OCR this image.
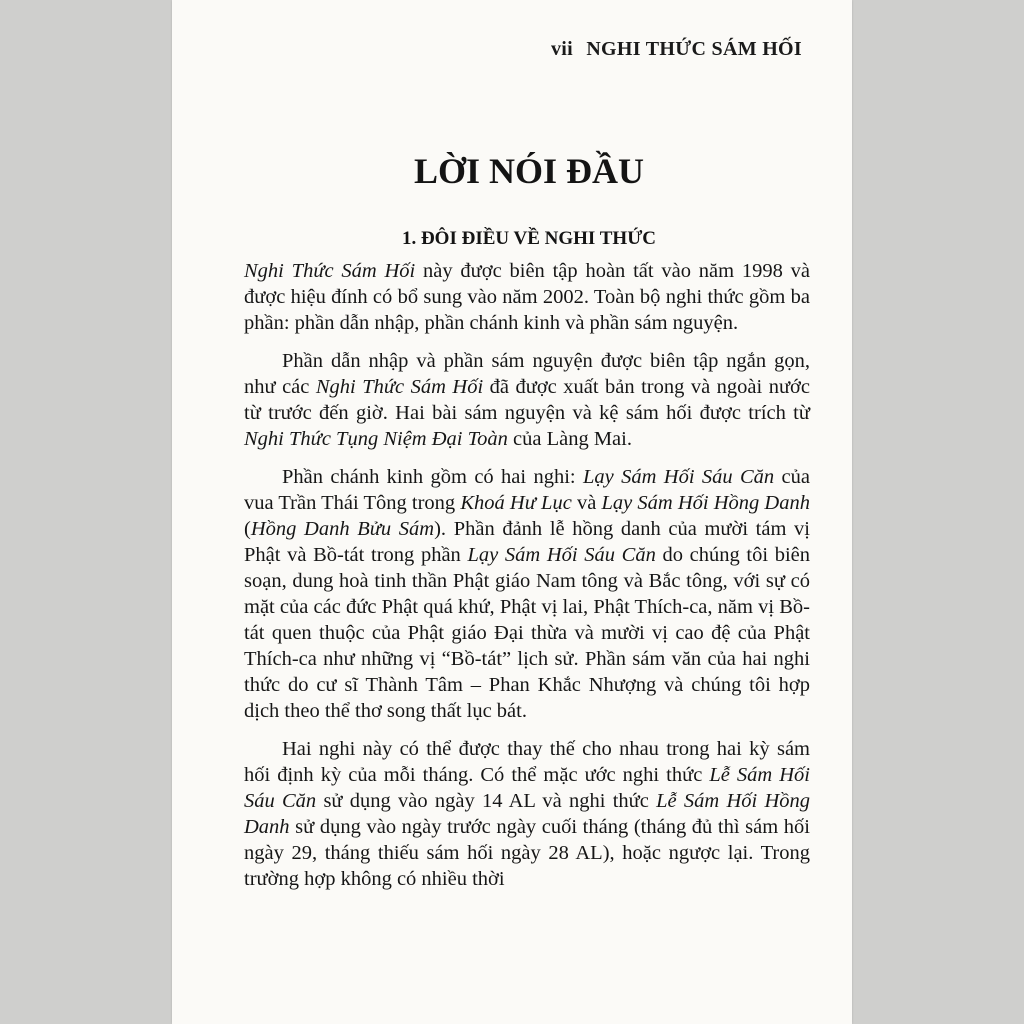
vii NGHI THỨC SÁM HỐI
LỜI NÓI ĐẦU
1. ĐÔI ĐIỀU VỀ NGHI THỨC

Nghi Thức Sám Hối này được biên tập hoàn tất vào năm 1998 và được hiệu đính có bổ sung vào năm 2002. Toàn bộ nghi thức gồm ba phần: phần dẫn nhập, phần chánh kinh và phần sám nguyện.

Phần dẫn nhập và phần sám nguyện được biên tập ngắn gọn, như các Nghi Thức Sám Hối đã được xuất bản trong và ngoài nước từ trước đến giờ. Hai bài sám nguyện và kệ sám hối được trích từ Nghi Thức Tụng Niệm Đại Toàn của Làng Mai.

Phần chánh kinh gồm có hai nghi: Lạy Sám Hối Sáu Căn của vua Trần Thái Tông trong Khoá Hư Lục và Lạy Sám Hối Hồng Danh (Hồng Danh Bửu Sám). Phần đảnh lễ hồng danh của mười tám vị Phật và Bồ-tát trong phần Lạy Sám Hối Sáu Căn do chúng tôi biên soạn, dung hoà tinh thần Phật giáo Nam tông và Bắc tông, với sự có mặt của các đức Phật quá khứ, Phật vị lai, Phật Thích-ca, năm vị Bồ-tát quen thuộc của Phật giáo Đại thừa và mười vị cao đệ của Phật Thích-ca như những vị “Bồ-tát” lịch sử. Phần sám văn của hai nghi thức do cư sĩ Thành Tâm – Phan Khắc Nhượng và chúng tôi hợp dịch theo thể thơ song thất lục bát.

Hai nghi này có thể được thay thế cho nhau trong hai kỳ sám hối định kỳ của mỗi tháng. Có thể mặc ước nghi thức Lễ Sám Hối Sáu Căn sử dụng vào ngày 14 AL và nghi thức Lễ Sám Hối Hồng Danh sử dụng vào ngày trước ngày cuối tháng (tháng đủ thì sám hối ngày 29, tháng thiếu sám hối ngày 28 AL), hoặc ngược lại. Trong trường hợp không có nhiều thời
